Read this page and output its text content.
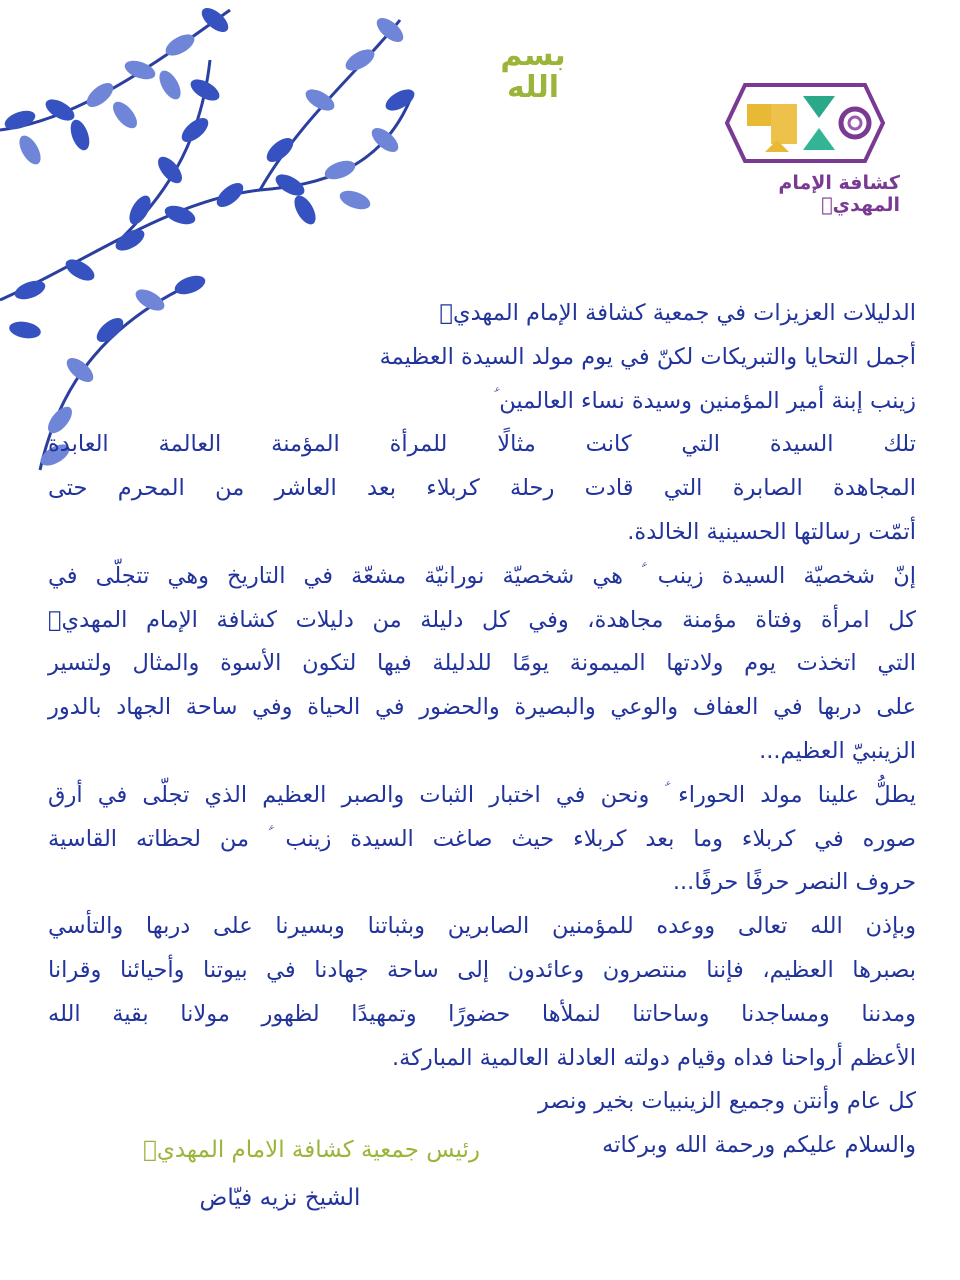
بسم الله
كشافة الإمام المهديؑ
الدليلات العزيزات في جمعية كشافة الإمام المهديؑ
أجمل التحايا والتبريكات لكنّ في يوم مولد السيدة العظيمة
زينب إبنة أمير المؤمنين وسيدة نساء العالمين ؑ
تلك السيدة التي كانت مثالًا للمرأة المؤمنة العالمة العابدة
المجاهدة الصابرة التي قادت رحلة كربلاء بعد العاشر من المحرم حتى
أتمّت رسالتها الحسينية الخالدة.
إنّ شخصيّة السيدة زينب ؑ هي شخصيّة نورانيّة مشعّة في التاريخ وهي تتجلّى في
كل امرأة وفتاة مؤمنة مجاهدة، وفي كل دليلة من دليلات كشافة الإمام المهديؑ
التي اتخذت يوم ولادتها الميمونة يومًا للدليلة فيها لتكون الأسوة والمثال ولتسير
على دربها في العفاف والوعي والبصيرة والحضور في الحياة وفي ساحة الجهاد بالدور
الزينبيّ العظيم...
يطلُّ علينا مولد الحوراء ؑ ونحن في اختبار الثبات والصبر العظيم الذي تجلّى في أرق
صوره في كربلاء وما بعد كربلاء حيث صاغت السيدة زينب ؑ من لحظاته القاسية
حروف النصر حرفًا حرفًا...
وبإذن الله تعالى ووعده للمؤمنين الصابرين وبثباتنا وبسيرنا على دربها والتأسي
بصبرها العظيم، فإننا منتصرون وعائدون إلى ساحة جهادنا في بيوتنا وأحيائنا وقرانا
ومدننا ومساجدنا وساحاتنا لنملأها حضورًا وتمهيدًا لظهور مولانا بقية الله
الأعظم أرواحنا فداه وقيام دولته العادلة العالمية المباركة.
كل عام وأنتن وجميع الزينبيات بخير ونصر
والسلام عليكم ورحمة الله وبركاته
رئيس جمعية كشافة الامام المهديؑ
الشيخ نزيه فيّاض
